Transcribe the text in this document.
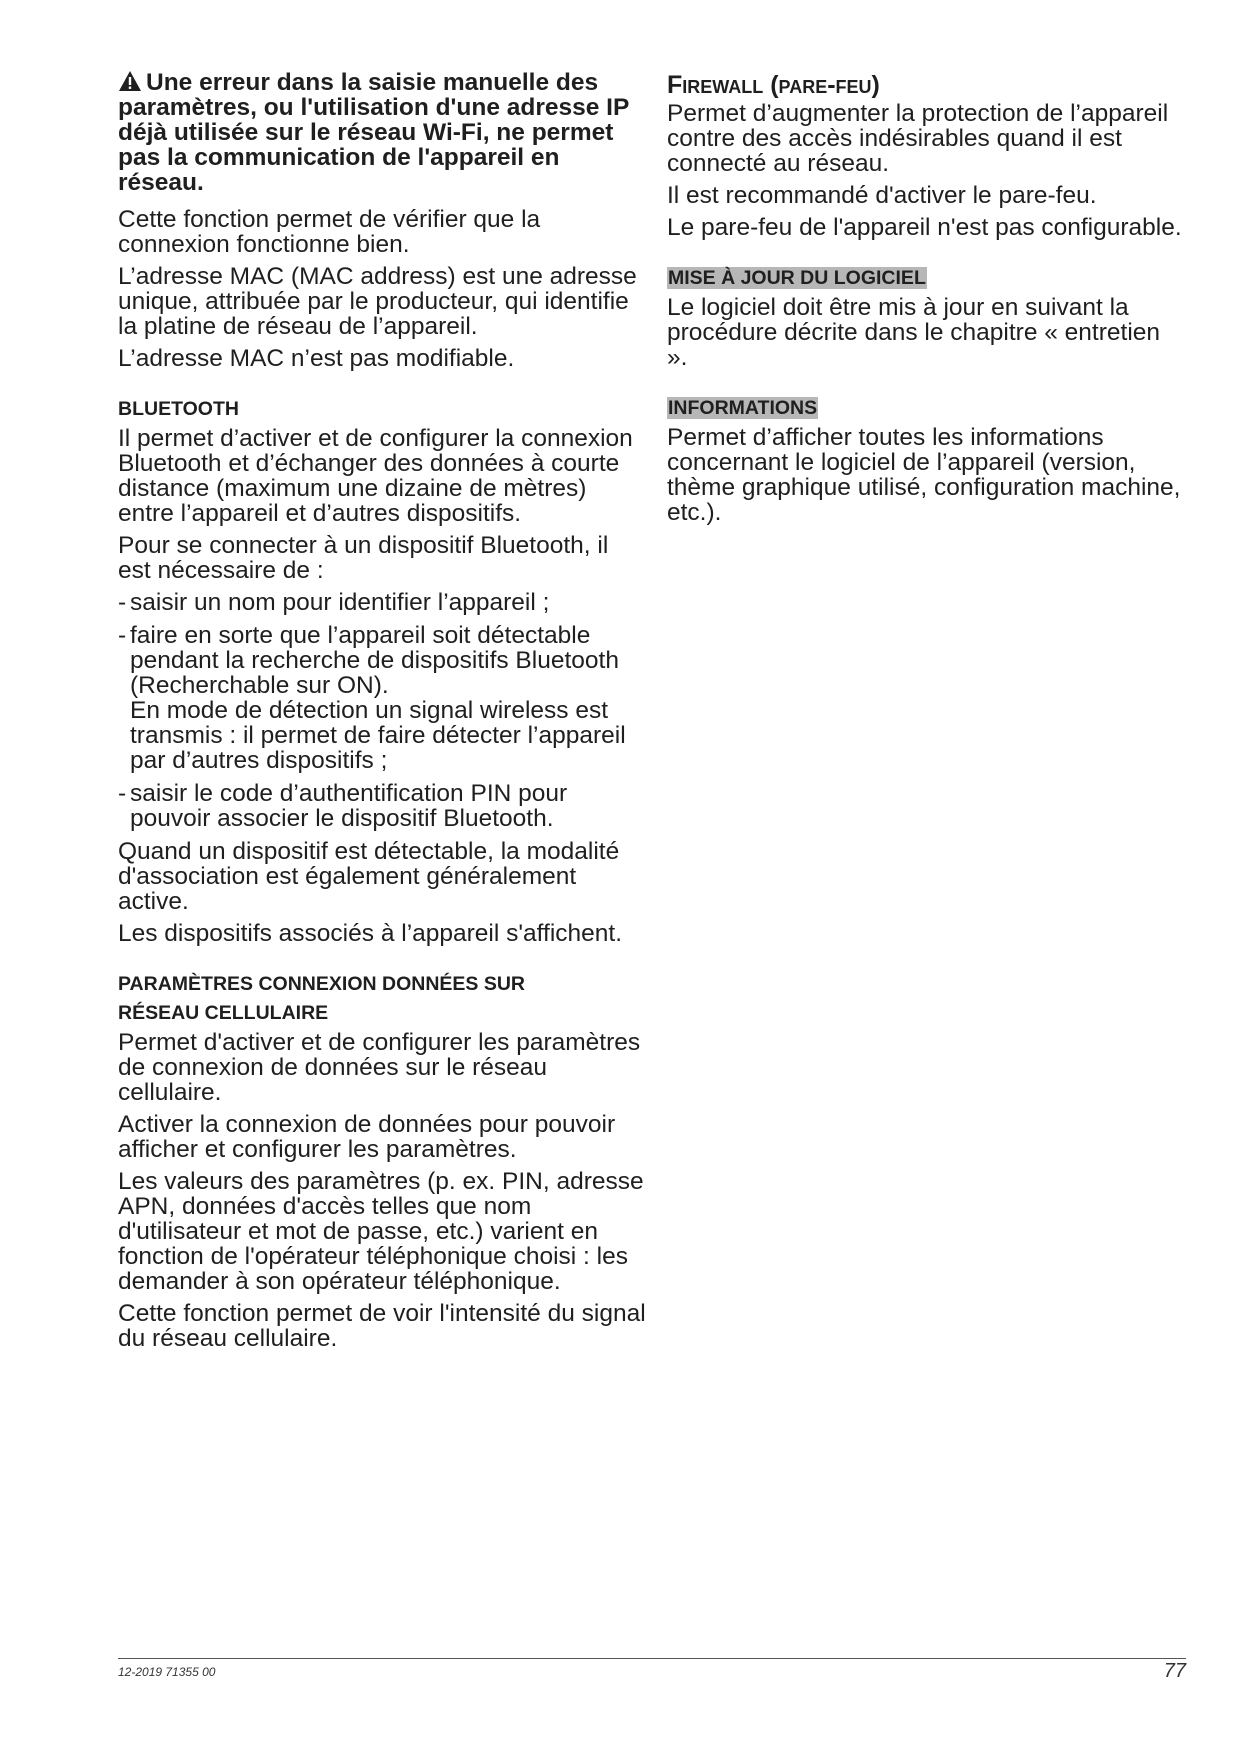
Une erreur dans la saisie manuelle des paramètres, ou l'utilisation d'une adresse IP déjà utilisée sur le réseau Wi-Fi, ne permet pas la communication de l'appareil en réseau.

Cette fonction permet de vérifier que la connexion fonctionne bien.

L’adresse MAC (MAC address) est une adresse unique, attribuée par le producteur, qui identifie la platine de réseau de l’appareil.

L’adresse MAC n’est pas modifiable.

BLUETOOTH

Il permet d’activer et de configurer la connexion Bluetooth et d’échanger des données à courte distance (maximum une dizaine de mètres) entre l’appareil et d’autres dispositifs.

Pour se connecter à un dispositif Bluetooth, il est nécessaire de :

- saisir un nom pour identifier l’appareil ;
- faire en sorte que l’appareil soit détectable pendant la recherche de dispositifs Bluetooth (Recherchable sur ON).
En mode de détection un signal wireless est transmis : il permet de faire détecter l’appareil par d’autres dispositifs ;
- saisir le code d’authentification PIN pour pouvoir associer le dispositif Bluetooth.

Quand un dispositif est détectable, la modalité d'association est également généralement active.

Les dispositifs associés à l’appareil s'affichent.

PARAMÈTRES CONNEXION DONNÉES SUR
RÉSEAU CELLULAIRE

Permet d'activer et de configurer les paramètres de connexion de données sur le réseau cellulaire.

Activer la connexion de données pour pouvoir afficher et configurer les paramètres.

Les valeurs des paramètres (p. ex. PIN, adresse APN, données d'accès telles que nom d'utilisateur et mot de passe, etc.) varient en fonction de l'opérateur téléphonique choisi : les demander à son opérateur téléphonique.

Cette fonction permet de voir l'intensité du signal du réseau cellulaire.

Firewall (pare-feu)

Permet d’augmenter la protection de l’appareil contre des accès indésirables quand il est connecté au réseau.

Il est recommandé d'activer le pare-feu.

Le pare-feu de l'appareil n'est pas configurable.

MISE À JOUR DU LOGICIEL

Le logiciel doit être mis à jour en suivant la procédure décrite dans le chapitre « entretien ».

INFORMATIONS

Permet d’afficher toutes les informations concernant le logiciel de l’appareil (version, thème graphique utilisé, configuration machine, etc.).

12-2019 71355 00	77
